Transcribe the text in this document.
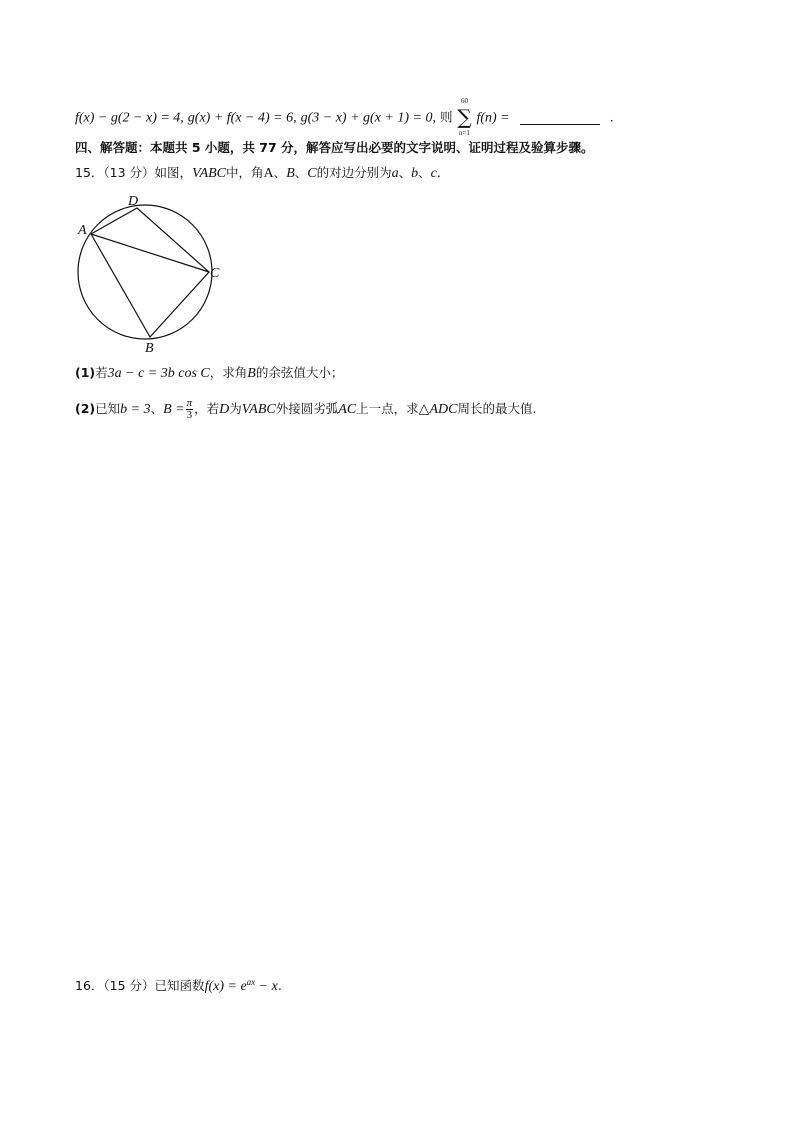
f(x) − g(2 − x) = 4, g(x) + f(x − 4) = 6, g(3 − x) + g(x + 1) = 0, 则
60
∑
n=1
f(n) =	.
四、解答题：本题共 5 小题，共 77 分，解答应写出必要的文字说明、证明过程及验算步骤。
15．（13 分）如图，VABC中，角A、B、C的对边分别为a、b、c.
A
D
C
B
(1)若3a − c = 3b cos C，求角B的余弦值大小；
(2)已知b = 3、$B = \frac{\pi}{3}$ ，若D为VABC外接圆劣弧AC上一点，求△ADC周长的最大值.
16．（15 分）已知函数$f(x) = e^{ax} - x$.
